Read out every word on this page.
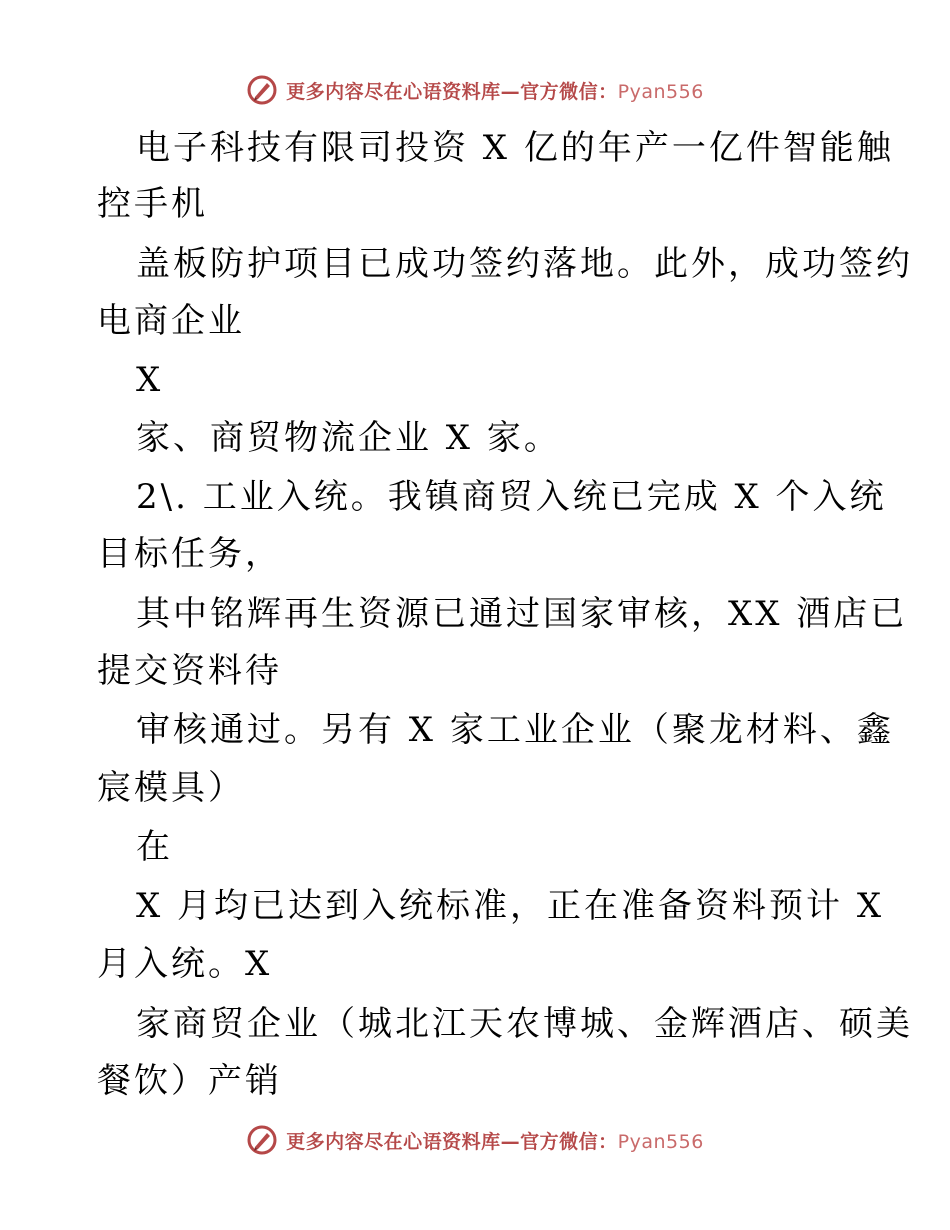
更多内容尽在心语资料库—官方微信：Pyan556
电子科技有限司投资 X 亿的年产一亿件智能触
控手机
盖板防护项目已成功签约落地。此外，成功签约
电商企业
X
家、商贸物流企业 X 家。
2\. 工业入统。我镇商贸入统已完成 X 个入统
目标任务，
其中铭辉再生资源已通过国家审核，XX 酒店已
提交资料待
审核通过。另有 X 家工业企业（聚龙材料、鑫
宸模具）
在
X 月均已达到入统标准，正在准备资料预计 X
月入统。X
家商贸企业（城北江天农博城、金辉酒店、硕美
餐饮）产销
更多内容尽在心语资料库—官方微信：Pyan556
